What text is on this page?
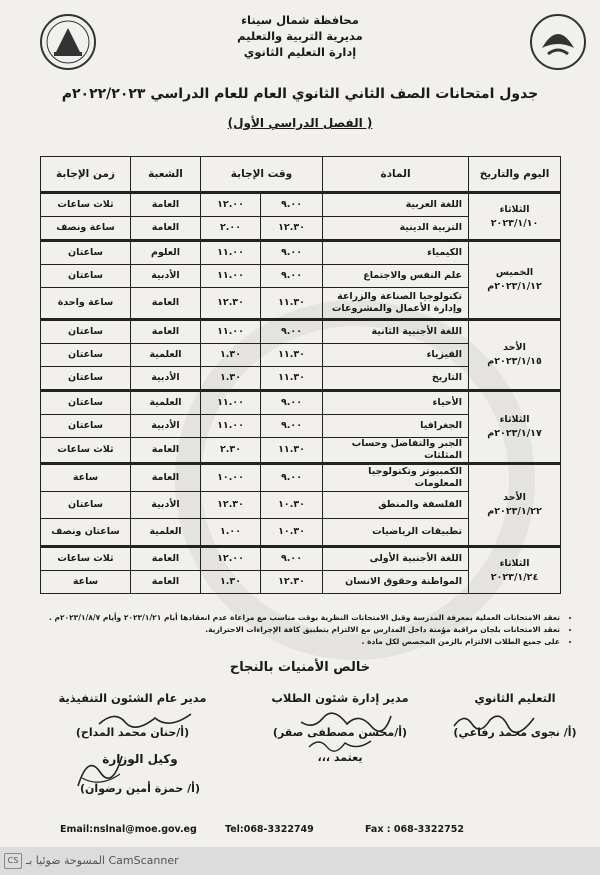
محافظة شمال سيناء
مديرية التربية والتعليم
إدارة التعليم الثانوي
جدول امتحانات الصف الثاني الثانوي العام للعام الدراسي ٢٠٢٢/٢٠٢٣م
( الفصل الدراسي الأول)
اليوم والتاريخ	المادة	وقت الإجابة		الشعبة	زمن الإجابة

الثلاثاء
٢٠٢٣/١/١٠	اللغة العربية	٩.٠٠	١٢.٠٠	العامة	ثلاث ساعات
	التربية الدينية	١٢.٣٠	٢.٠٠	العامة	ساعة ونصف

الخميس
٢٠٢٣/١/١٢م	الكيمياء	٩.٠٠	١١.٠٠	العلوم	ساعتان
	علم النفس والاجتماع	٩.٠٠	١١.٠٠	الأدبية	ساعتان
	تكنولوجيا الصناعة والزراعة وإدارة الأعمال والمشروعات	١١.٣٠	١٢.٣٠	العامة	ساعة واحدة

الأحد
٢٠٢٣/١/١٥م	اللغة الأجنبية الثانية	٩.٠٠	١١.٠٠	العامة	ساعتان
	الفيزياء	١١.٣٠	١.٣٠	العلمية	ساعتان
	التاريخ	١١.٣٠	١.٣٠	الأدبية	ساعتان

الثلاثاء
٢٠٢٣/١/١٧م	الأحياء	٩.٠٠	١١.٠٠	العلمية	ساعتان
	الجغرافيا	٩.٠٠	١١.٠٠	الأدبية	ساعتان
	الجبر والتفاضل وحساب المثلثات	١١.٣٠	٢.٣٠	العامة	ثلاث ساعات

الأحد
٢٠٢٣/١/٢٢م	الكمبيوتر وتكنولوجيا المعلومات	٩.٠٠	١٠.٠٠	العامة	ساعة
	الفلسفة والمنطق	١٠.٣٠	١٢.٣٠	الأدبية	ساعتان
	تطبيقات الرياضيات	١٠.٣٠	١.٠٠	العلمية	ساعتان ونصف

الثلاثاء
٢٠٢٣/١/٢٤	اللغة الأجنبية الأولى	٩.٠٠	١٢.٠٠	العامة	ثلاث ساعات
	المواطنة وحقوق الانسان	١٢.٣٠	١.٣٠	العامة	ساعة
• تعقد الامتحانات العملية بمعرفة المدرسة وقبل الامتحانات النظرية بوقت مناسب مع مراعاة عدم انعقادها أيام ٢٠٢٣/١/٢١ وأيام ٢٠٢٣/١/٨/٧م .
• تعقد الامتحانات بلجان مراقبة مؤمنة داخل المدارس مع الالتزام بتطبيق كافة الإجراءات الاحترازية.
• على جميع الطلاب الالتزام بالزمن المخصص لكل مادة .
خالص الأمنيات بالنجاح
التعليم الثانوي
(أ/ نجوى محمد رفاعي)
مدير إدارة شئون الطلاب
(أ/محسن مصطفى صقر)
مدير عام الشئون التنفيذية
(أ/حنان محمد المداح)
يعتمد ،،،
وكيل الوزارة
(أ/ حمزة أمين رضوان)
Email:nslnal@moe.gov.eg	Tel:068-3322749	Fax : 068-3322752
CS CamScanner المسوحة ضوئيا بـ
